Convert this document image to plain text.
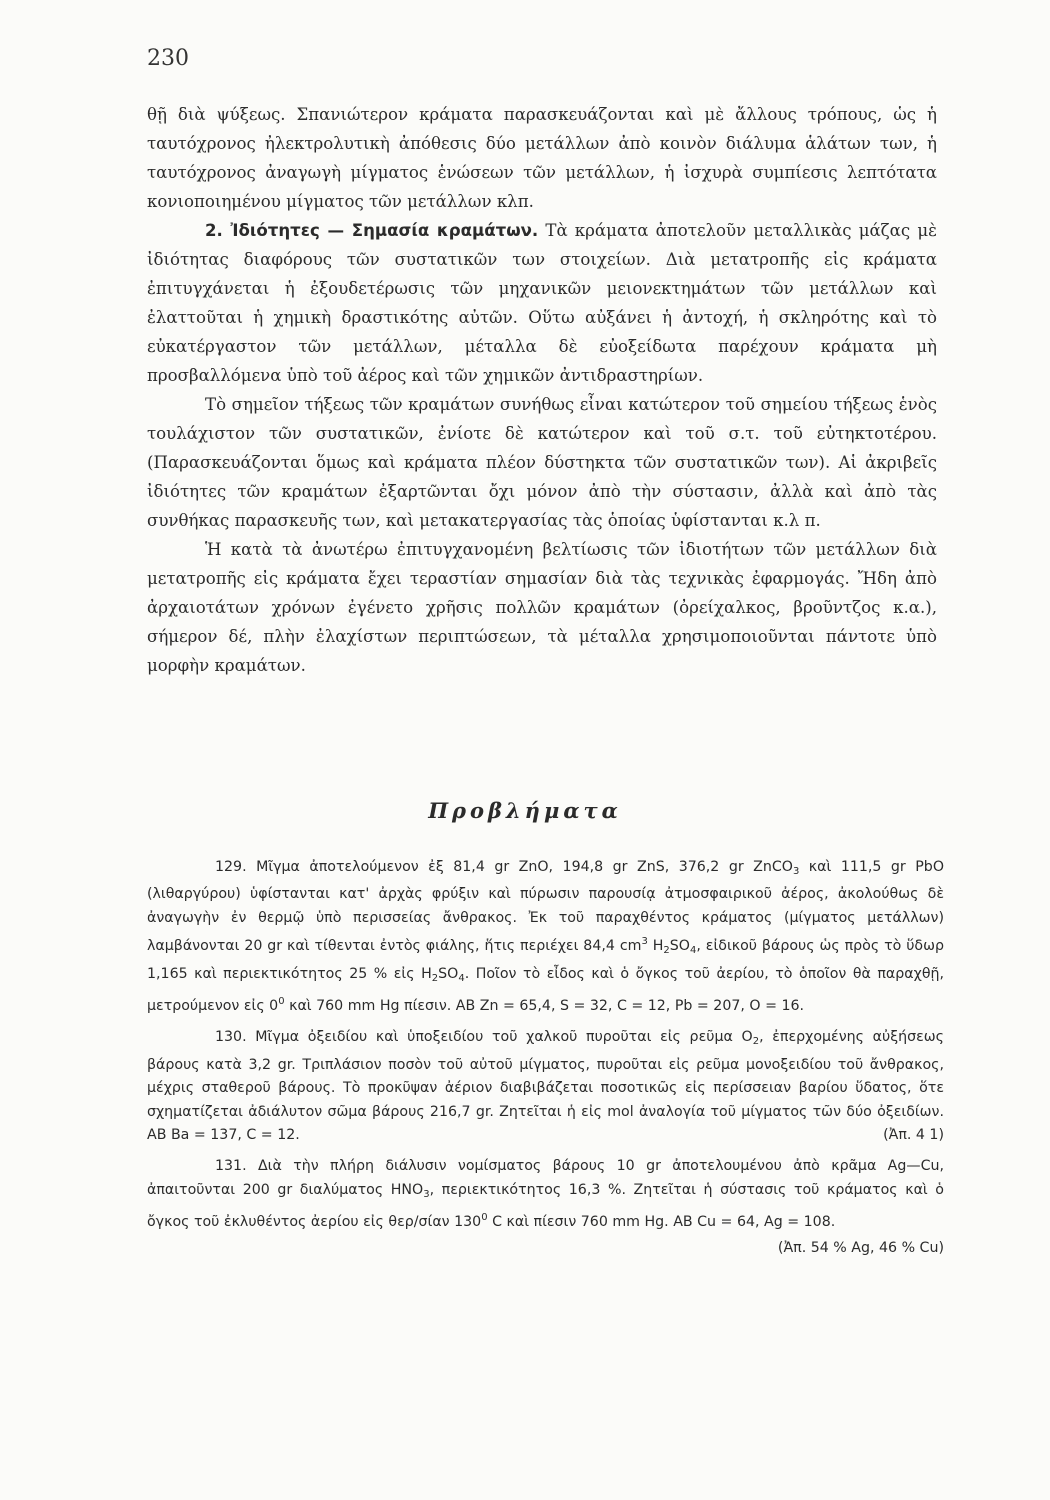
230

θῇ διὰ ψύξεως. Σπανιώτερον κράματα παρασκευάζονται καὶ μὲ ἄλλους τρόπους, ὡς ἡ ταυτόχρονος ἠλεκτρολυτικὴ ἀπόθεσις δύο μετάλλων ἀπὸ κοινὸν διάλυμα ἁλάτων των, ἡ ταυτόχρονος ἀναγωγὴ μίγματος ἑνώσεων τῶν μετάλλων, ἡ ἰσχυρὰ συμπίεσις λεπτότατα κονιοποιημένου μίγματος τῶν μετάλλων κλπ.

2. Ἰδιότητες — Σημασία κραμάτων. Τὰ κράματα ἀποτελοῦν μεταλλικὰς μάζας μὲ ἰδιότητας διαφόρους τῶν συστατικῶν των στοιχείων. Διὰ μετατροπῆς εἰς κράματα ἐπιτυγχάνεται ἡ ἐξουδετέρωσις τῶν μηχανικῶν μειονεκτημάτων τῶν μετάλλων καὶ ἐλαττοῦται ἡ χημικὴ δραστικότης αὐτῶν. Οὕτω αὐξάνει ἡ ἀντοχή, ἡ σκληρότης καὶ τὸ εὐκατέργαστον τῶν μετάλλων, μέταλλα δὲ εὐοξείδωτα παρέχουν κράματα μὴ προσβαλλόμενα ὑπὸ τοῦ ἀέρος καὶ τῶν χημικῶν ἀντιδραστηρίων.

Τὸ σημεῖον τήξεως τῶν κραμάτων συνήθως εἶναι κατώτερον τοῦ σημείου τήξεως ἑνὸς τουλάχιστον τῶν συστατικῶν, ἐνίοτε δὲ κατώτερον καὶ τοῦ σ.τ. τοῦ εὐτηκτοτέρου. (Παρασκευάζονται ὅμως καὶ κράματα πλέον δύστηκτα τῶν συστατικῶν των). Αἱ ἀκριβεῖς ἰδιότητες τῶν κραμάτων ἐξαρτῶνται ὄχι μόνον ἀπὸ τὴν σύστασιν, ἀλλὰ καὶ ἀπὸ τὰς συνθήκας παρασκευῆς των, καὶ μετακατεργασίας τὰς ὁποίας ὑφίστανται κ.λ π.

Ἡ κατὰ τὰ ἀνωτέρω ἐπιτυγχανομένη βελτίωσις τῶν ἰδιοτήτων τῶν μετάλλων διὰ μετατροπῆς εἰς κράματα ἔχει τεραστίαν σημασίαν διὰ τὰς τεχνικὰς ἐφαρμογάς. Ἤδη ἀπὸ ἀρχαιοτάτων χρόνων ἐγένετο χρῆσις πολλῶν κραμάτων (ὀρείχαλκος, βροῦντζος κ.α.), σήμερον δέ, πλὴν ἐλαχίστων περιπτώσεων, τὰ μέταλλα χρησιμοποιοῦνται πάντοτε ὑπὸ μορφὴν κραμάτων.

Προβλήματα

129. Μῖγμα ἀποτελούμενον ἐξ 81,4 gr ZnO, 194,8 gr ZnS, 376,2 gr ZnCO$_3$ καὶ 111,5 gr PbO (λιθαργύρου) ὑφίστανται κατ' ἀρχὰς φρύξιν καὶ πύρωσιν παρουσίᾳ ἀτμοσφαιρικοῦ ἀέρος, ἀκολούθως δὲ ἀναγωγὴν ἐν θερμῷ ὑπὸ περισσείας ἄνθρακος. Ἐκ τοῦ παραχθέντος κράματος (μίγματος μετάλλων) λαμβάνονται 20 gr καὶ τίθενται ἐντὸς φιάλης, ἥτις περιέχει 84,4 $cm^3$ $H_2SO_4$, εἰδικοῦ βάρους ὡς πρὸς τὸ ὕδωρ 1,165 καὶ περιεκτικότητος 25 % εἰς $H_2SO_4$. Ποῖον τὸ εἶδος καὶ ὁ ὄγκος τοῦ ἀερίου, τὸ ὁποῖον θὰ παραχθῇ, μετρούμενον εἰς $0^0$ καὶ 760 mm Hg πίεσιν. ΑΒ Zn = 65,4, S = 32, C = 12, Pb = 207, O = 16.

130. Μῖγμα ὀξειδίου καὶ ὑποξειδίου τοῦ χαλκοῦ πυροῦται εἰς ρεῦμα $O_2$, ἐπερχομένης αὐξήσεως βάρους κατὰ 3,2 gr. Τριπλάσιον ποσὸν τοῦ αὐτοῦ μίγματος, πυροῦται εἰς ρεῦμα μονοξειδίου τοῦ ἄνθρακος, μέχρις σταθεροῦ βάρους. Τὸ προκῦψαν ἀέριον διαβιβάζεται ποσοτικῶς εἰς περίσσειαν βαρίου ὕδατος, ὅτε σχηματίζεται ἀδιάλυτον σῶμα βάρους 216,7 gr. Ζητεῖται ἡ εἰς mol ἀναλογία τοῦ μίγματος τῶν δύο ὀξειδίων. ΑΒ Ba = 137, C = 12.	(Ἀπ. 4 1)

131. Διὰ τὴν πλήρη διάλυσιν νομίσματος βάρους 10 gr ἀποτελουμένου ἀπὸ κρᾶμα Ag—Cu, ἀπαιτοῦνται 200 gr διαλύματος $HNO_3$, περιεκτικότητος 16,3 %. Ζητεῖται ἡ σύστασις τοῦ κράματος καὶ ὁ ὄγκος τοῦ ἐκλυθέντος ἀερίου εἰς θερ/σίαν $130^0$ C καὶ πίεσιν 760 mm Hg. ΑΒ Cu = 64, Ag = 108.

(Ἀπ. 54 % Ag, 46 % Cu)
